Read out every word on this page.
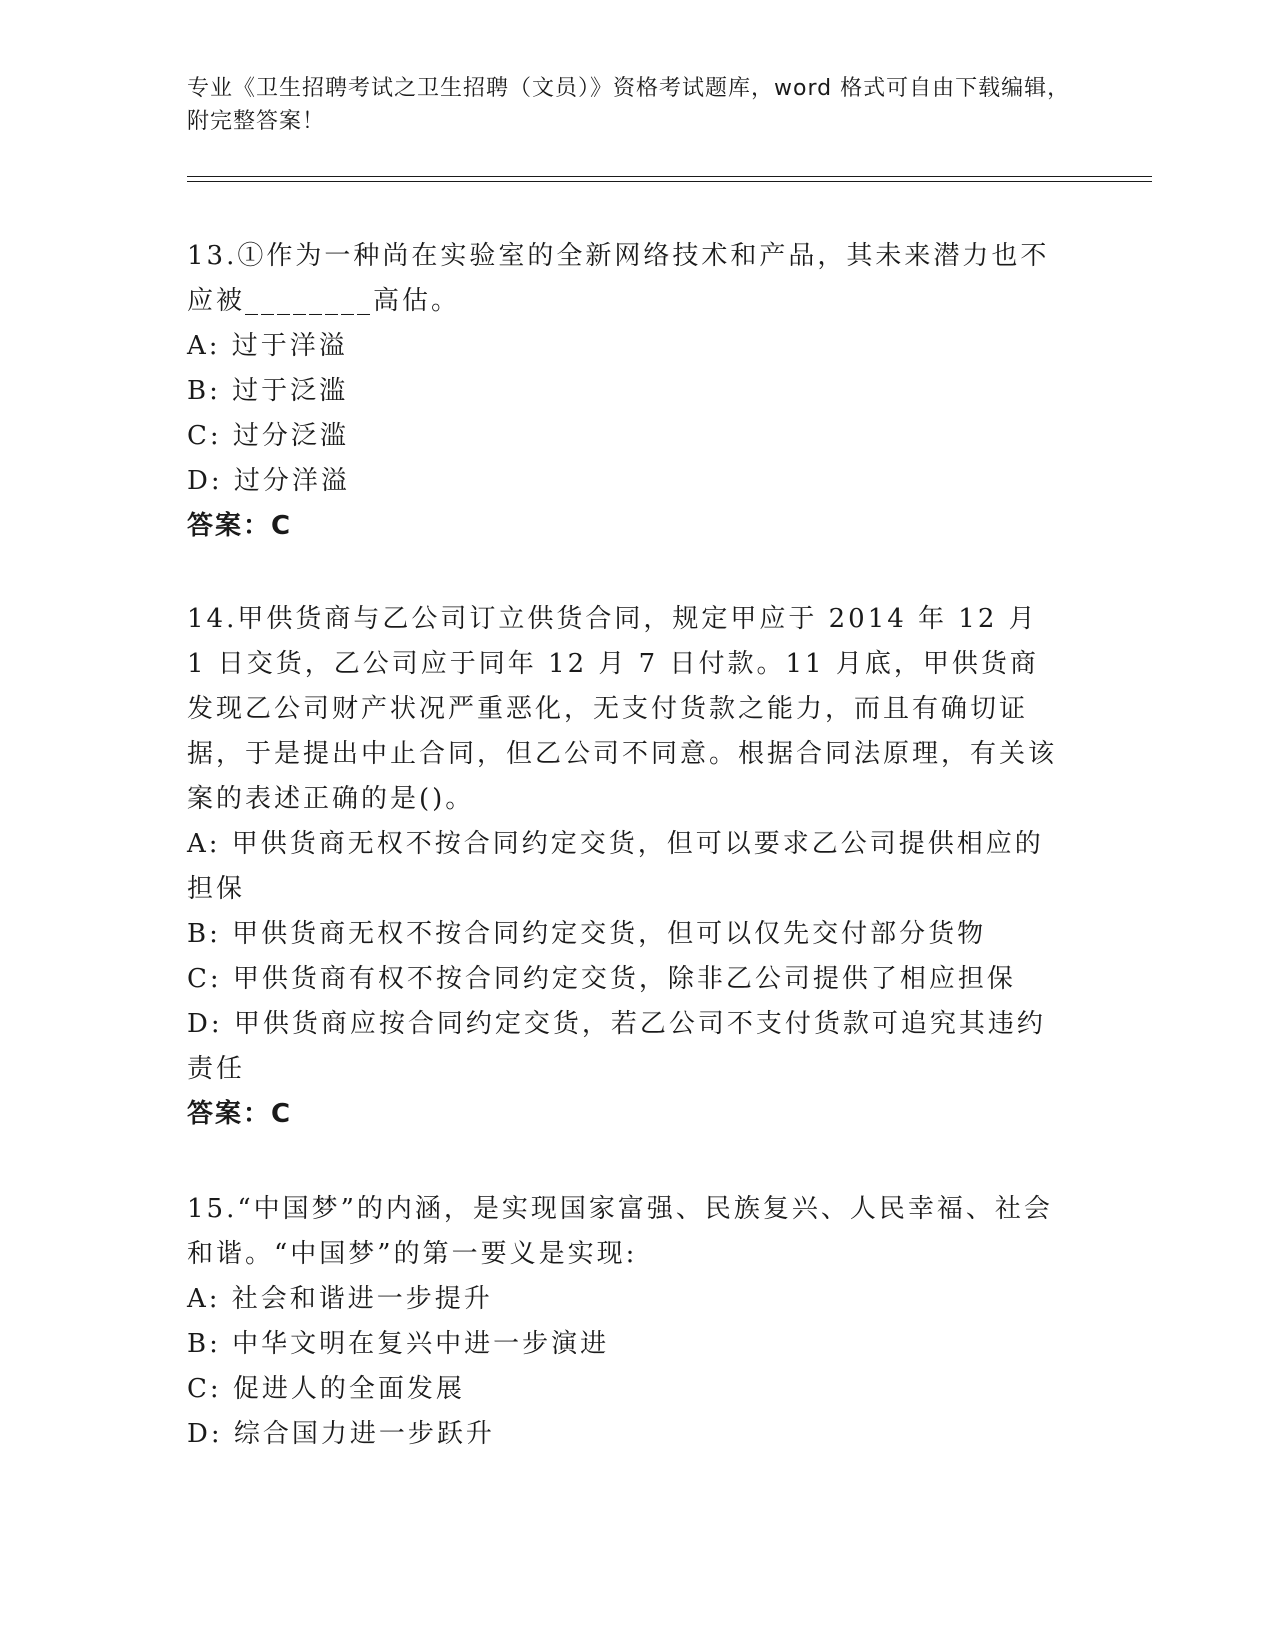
专业《卫生招聘考试之卫生招聘（文员）》资格考试题库，word 格式可自由下载编辑，附完整答案！

13.①作为一种尚在实验室的全新网络技术和产品，其未来潜力也不应被________高估。

A: 过于洋溢
B: 过于泛滥
C: 过分泛滥
D: 过分洋溢
答案：C

14.甲供货商与乙公司订立供货合同，规定甲应于 2014 年 12 月 1 日交货，乙公司应于同年 12 月 7 日付款。11 月底，甲供货商发现乙公司财产状况严重恶化，无支付货款之能力，而且有确切证据，于是提出中止合同，但乙公司不同意。根据合同法原理，有关该案的表述正确的是()。

A: 甲供货商无权不按合同约定交货，但可以要求乙公司提供相应的担保
B: 甲供货商无权不按合同约定交货，但可以仅先交付部分货物
C: 甲供货商有权不按合同约定交货，除非乙公司提供了相应担保
D: 甲供货商应按合同约定交货，若乙公司不支付货款可追究其违约责任
答案：C

15.“中国梦”的内涵，是实现国家富强、民族复兴、人民幸福、社会和谐。“中国梦”的第一要义是实现:

A: 社会和谐进一步提升
B: 中华文明在复兴中进一步演进
C: 促进人的全面发展
D: 综合国力进一步跃升
